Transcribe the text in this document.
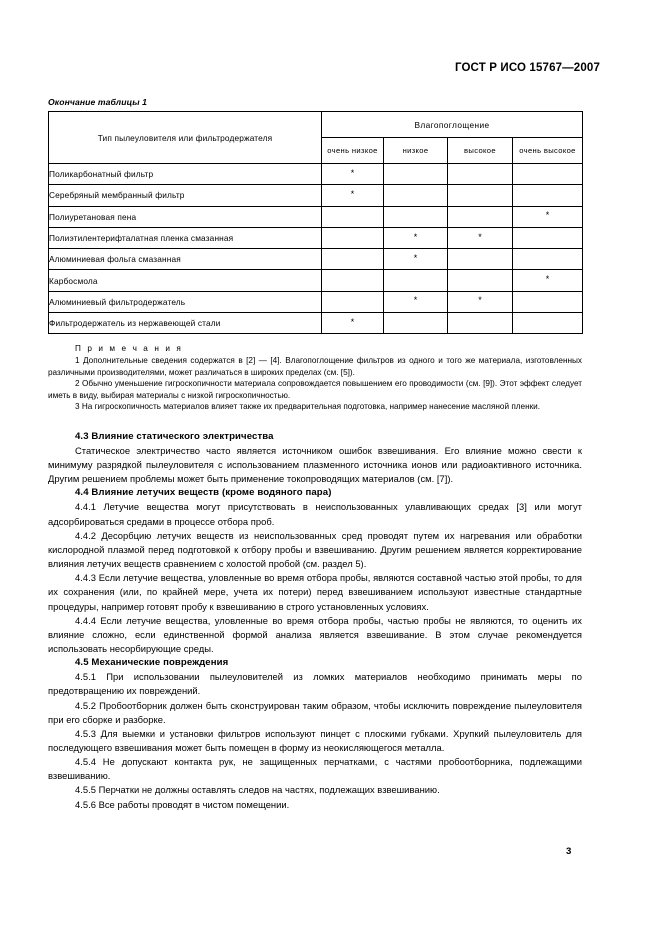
ГОСТ Р ИСО 15767—2007
Окончание таблицы 1
Тип пылеуловителя или фильтродержателя	Влагопоглощение			
	очень низкое	низкое	высокое	очень высокое
Поликарбонатный фильтр	*			
Серебряный мембранный фильтр	*			
Полиуретановая пена				*
Полиэтилентерифталатная пленка смазанная		*	*	
Алюминиевая фольга смазанная		*		
Карбосмола				*
Алюминиевый фильтродержатель		*	*	
Фильтродержатель из нержавеющей стали	*			
П р и м е ч а н и я

1 Дополнительные сведения содержатся в [2] — [4]. Влагопоглощение фильтров из одного и того же материала, изготовленных различными производителями, может различаться в широких пределах (см. [5]).

2 Обычно уменьшение гигроскопичности материала сопровождается повышением его проводимости (см. [9]). Этот эффект следует иметь в виду, выбирая материалы с низкой гигроскопичностью.

3 На гигроскопичность материалов влияет также их предварительная подготовка, например нанесение масляной пленки.

4.3 Влияние статического электричества

Статическое электричество часто является источником ошибок взвешивания. Его влияние можно свести к минимуму разрядкой пылеуловителя с использованием плазменного источника ионов или радиоактивного источника. Другим решением проблемы может быть применение токопроводящих материалов (см. [7]).

4.4 Влияние летучих веществ (кроме водяного пара)

4.4.1 Летучие вещества могут присутствовать в неиспользованных улавливающих средах [3] или могут адсорбироваться средами в процессе отбора проб.

4.4.2 Десорбцию летучих веществ из неиспользованных сред проводят путем их нагревания или обработки кислородной плазмой перед подготовкой к отбору пробы и взвешиванию. Другим решением является корректирование влияния летучих веществ сравнением с холостой пробой (см. раздел 5).

4.4.3 Если летучие вещества, уловленные во время отбора пробы, являются составной частью этой пробы, то для их сохранения (или, по крайней мере, учета их потери) перед взвешиванием используют известные стандартные процедуры, например готовят пробу к взвешиванию в строго установленных условиях.

4.4.4 Если летучие вещества, уловленные во время отбора пробы, частью пробы не являются, то оценить их влияние сложно, если единственной формой анализа является взвешивание. В этом случае рекомендуется использовать несорбирующие среды.

4.5 Механические повреждения

4.5.1 При использовании пылеуловителей из ломких материалов необходимо принимать меры по предотвращению их повреждений.

4.5.2 Пробоотборник должен быть сконструирован таким образом, чтобы исключить повреждение пылеуловителя при его сборке и разборке.

4.5.3 Для выемки и установки фильтров используют пинцет с плоскими губками. Хрупкий пылеуловитель для последующего взвешивания может быть помещен в форму из неокисляющегося металла.

4.5.4 Не допускают контакта рук, не защищенных перчатками, с частями пробоотборника, подлежащими взвешиванию.

4.5.5 Перчатки не должны оставлять следов на частях, подлежащих взвешиванию.

4.5.6 Все работы проводят в чистом помещении.

3
